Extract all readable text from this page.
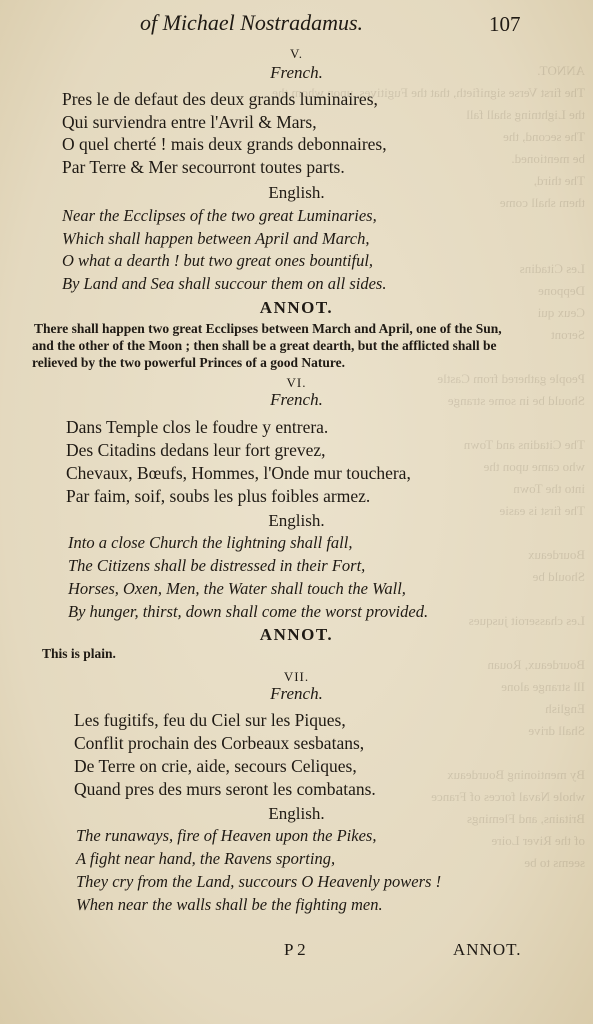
ANNOT.
The first Verse signifieth, that the Fugitives, upon whom the
the Lightning shall fall
The second, the
be mentioned.
The third,
them shall come

Les Citadins
Deppone
Ceux qui
Seront

People gathered from Castle
Should be in some strange

The Citadins and Town
who came upon the
into the Town
The first is easie

Bourdeaux
Should be

Les chasseroit jusques

Bourdeaux, Rouan
Ill strange alone
English
Shall drive

By mentioning Bourdeaux
whole Naval forces of France
Britains, and Flemings
of the River Loire
seems to be
of Michael Nostradamus.	107
V.
French.
Pres le de defaut des deux grands luminaires,
Qui surviendra entre l'Avril & Mars,
O quel cherté ! mais deux grands debonnaires,
Par Terre & Mer secourront toutes parts.
English.
Near the Ecclipses of the two great Luminaries,
Which shall happen between April and March,
O what a dearth ! but two great ones bountiful,
By Land and Sea shall succour them on all sides.
ANNOT.
There shall happen two great Ecclipses between March and April, one of the Sun,
and the other of the Moon ; then shall be a great dearth, but the afflicted shall be
relieved by the two powerful Princes of a good Nature.
VI.
French.
Dans Temple clos le foudre y entrera.
Des Citadins dedans leur fort grevez,
Chevaux, Bœufs, Hommes, l'Onde mur touchera,
Par faim, soif, soubs les plus foibles armez.
English.
Into a close Church the lightning shall fall,
The Citizens shall be distressed in their Fort,
Horses, Oxen, Men, the Water shall touch the Wall,
By hunger, thirst, down shall come the worst provided.
ANNOT.
This is plain.
VII.
French.
Les fugitifs, feu du Ciel sur les Piques,
Conflit prochain des Corbeaux sesbatans,
De Terre on crie, aide, secours Celiques,
Quand pres des murs seront les combatans.
English.
The runaways, fire of Heaven upon the Pikes,
A fight near hand, the Ravens sporting,
They cry from the Land, succours O Heavenly powers !
When near the walls shall be the fighting men.
P 2	ANNOT.
